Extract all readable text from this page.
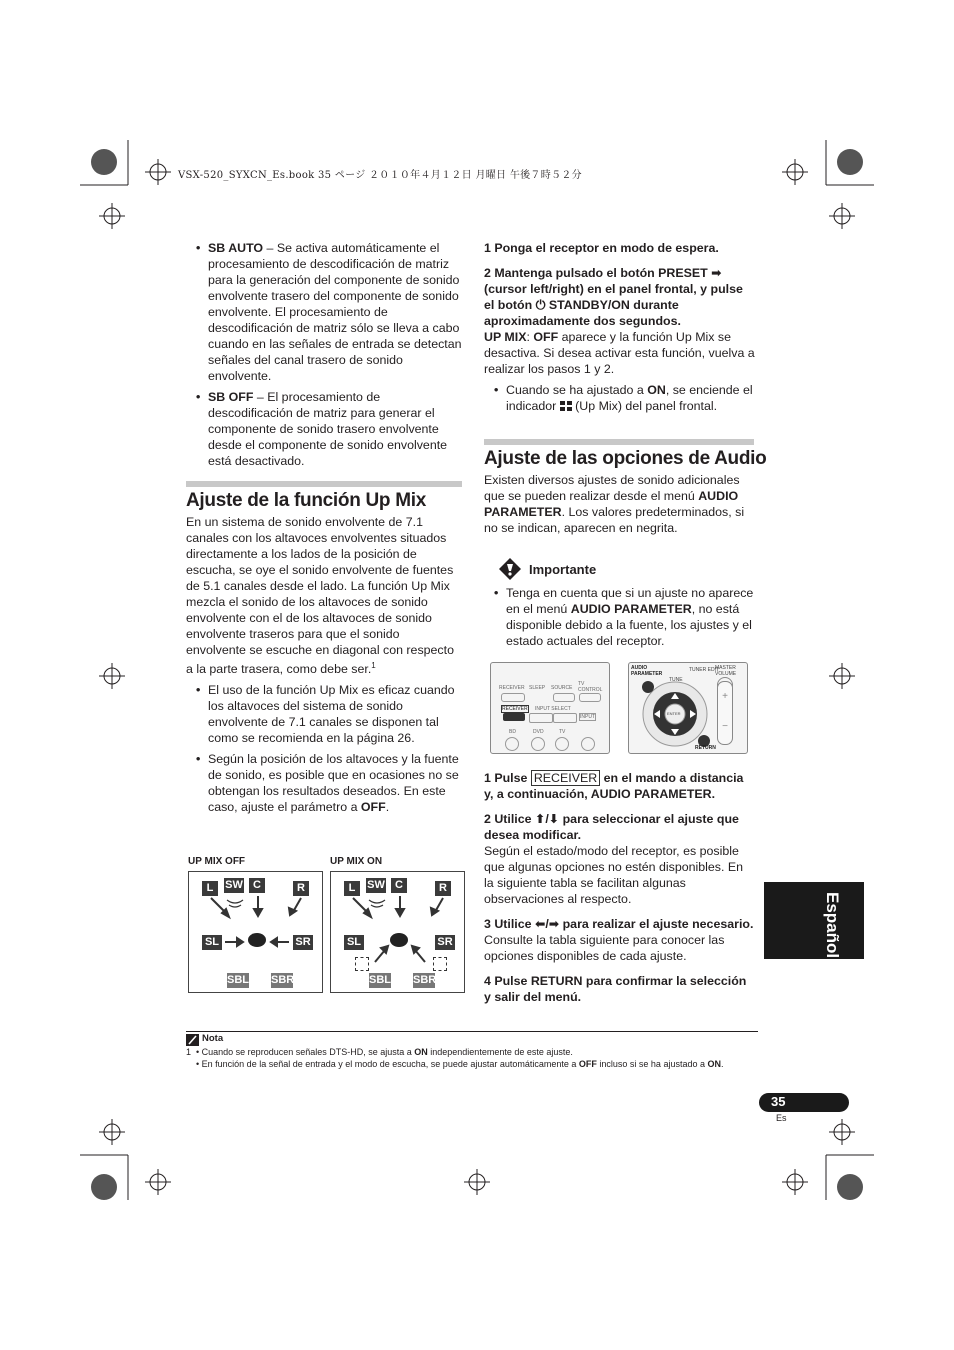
VSX-520_SYXCN_Es.book 35 ページ ２０１０年４月１２日 月曜日 午後７時５２分
• SB AUTO – Se activa automáticamente el procesamiento de descodificación de matriz para la generación del componente de sonido envolvente trasero del componente de sonido envolvente. El procesamiento de descodificación de matriz sólo se lleva a cabo cuando en las señales de entrada se detectan señales del canal trasero de sonido envolvente.
• SB OFF – El procesamiento de descodificación de matriz para generar el componente de sonido trasero envolvente desde el componente de sonido envolvente está desactivado.
Ajuste de la función Up Mix

En un sistema de sonido envolvente de 7.1 canales con los altavoces envolventes situados directamente a los lados de la posición de escucha, se oye el sonido envolvente de fuentes de 5.1 canales desde el lado. La función Up Mix mezcla el sonido de los altavoces de sonido envolvente con el de los altavoces de sonido envolvente traseros para que el sonido envolvente se escuche en diagonal con respecto a la parte trasera, como debe ser.$^1$

• El uso de la función Up Mix es eficaz cuando los altavoces del sistema de sonido envolvente de 7.1 canales se disponen tal como se recomienda en la página 26.
• Según la posición de los altavoces y la fuente de sonido, es posible que en ocasiones no se obtengan los resultados deseados. En este caso, ajuste el parámetro a OFF.
UP MIX OFF	UP MIX ON
L	SW C	R
SL	SR
SBL SBR
L	SW C	R
SL	SR
SBL SBR

1 Ponga el receptor en modo de espera.

2 Mantenga pulsado el botón PRESET ➡ (cursor left/right) en el panel frontal, y pulse el botón ⏻ STANDBY/ON durante aproximadamente dos segundos.

UP MIX: OFF aparece y la función Up Mix se desactiva. Si desea activar esta función, vuelva a realizar los pasos 1 y 2.

• Cuando se ha ajustado a ON, se enciende el indicador  (Up Mix) del panel frontal.
Ajuste de las opciones de Audio

Existen diversos ajustes de sonido adicionales que se pueden realizar desde el menú AUDIO PARAMETER. Los valores predeterminados, si no se indican, aparecen en negrita.

Importante
• Tenga en cuenta que si un ajuste no aparece en el menú AUDIO PARAMETER, no está disponible debido a la fuente, los ajustes y el estado actuales del receptor.
RECEIVER SLEEP SOURCE
TV CONTROL
RECEIVER INPUT SELECT
INPUT
BD	DVD	TV
AUDIO PARAMETER
TUNER EDIT
MASTER VOLUME
TUNE
ENTER
RETURN
+
−

1 Pulse RECEIVER en el mando a distancia y, a continuación, AUDIO PARAMETER.

2 Utilice ⬆/⬇ para seleccionar el ajuste que desea modificar.

Según el estado/modo del receptor, es posible que algunas opciones no estén disponibles. En la siguiente tabla se facilitan algunas observaciones al respecto.

3 Utilice ⬅/➡ para realizar el ajuste necesario.

Consulte la tabla siguiente para conocer las opciones disponibles de cada ajuste.

4 Pulse RETURN para confirmar la selección y salir del menú.

Nota
1 • Cuando se reproducen señales DTS-HD, se ajusta a ON independientemente de este ajuste.
• En función de la señal de entrada y el modo de escucha, se puede ajustar automáticamente a OFF incluso si se ha ajustado a ON.
Español
35
Es
